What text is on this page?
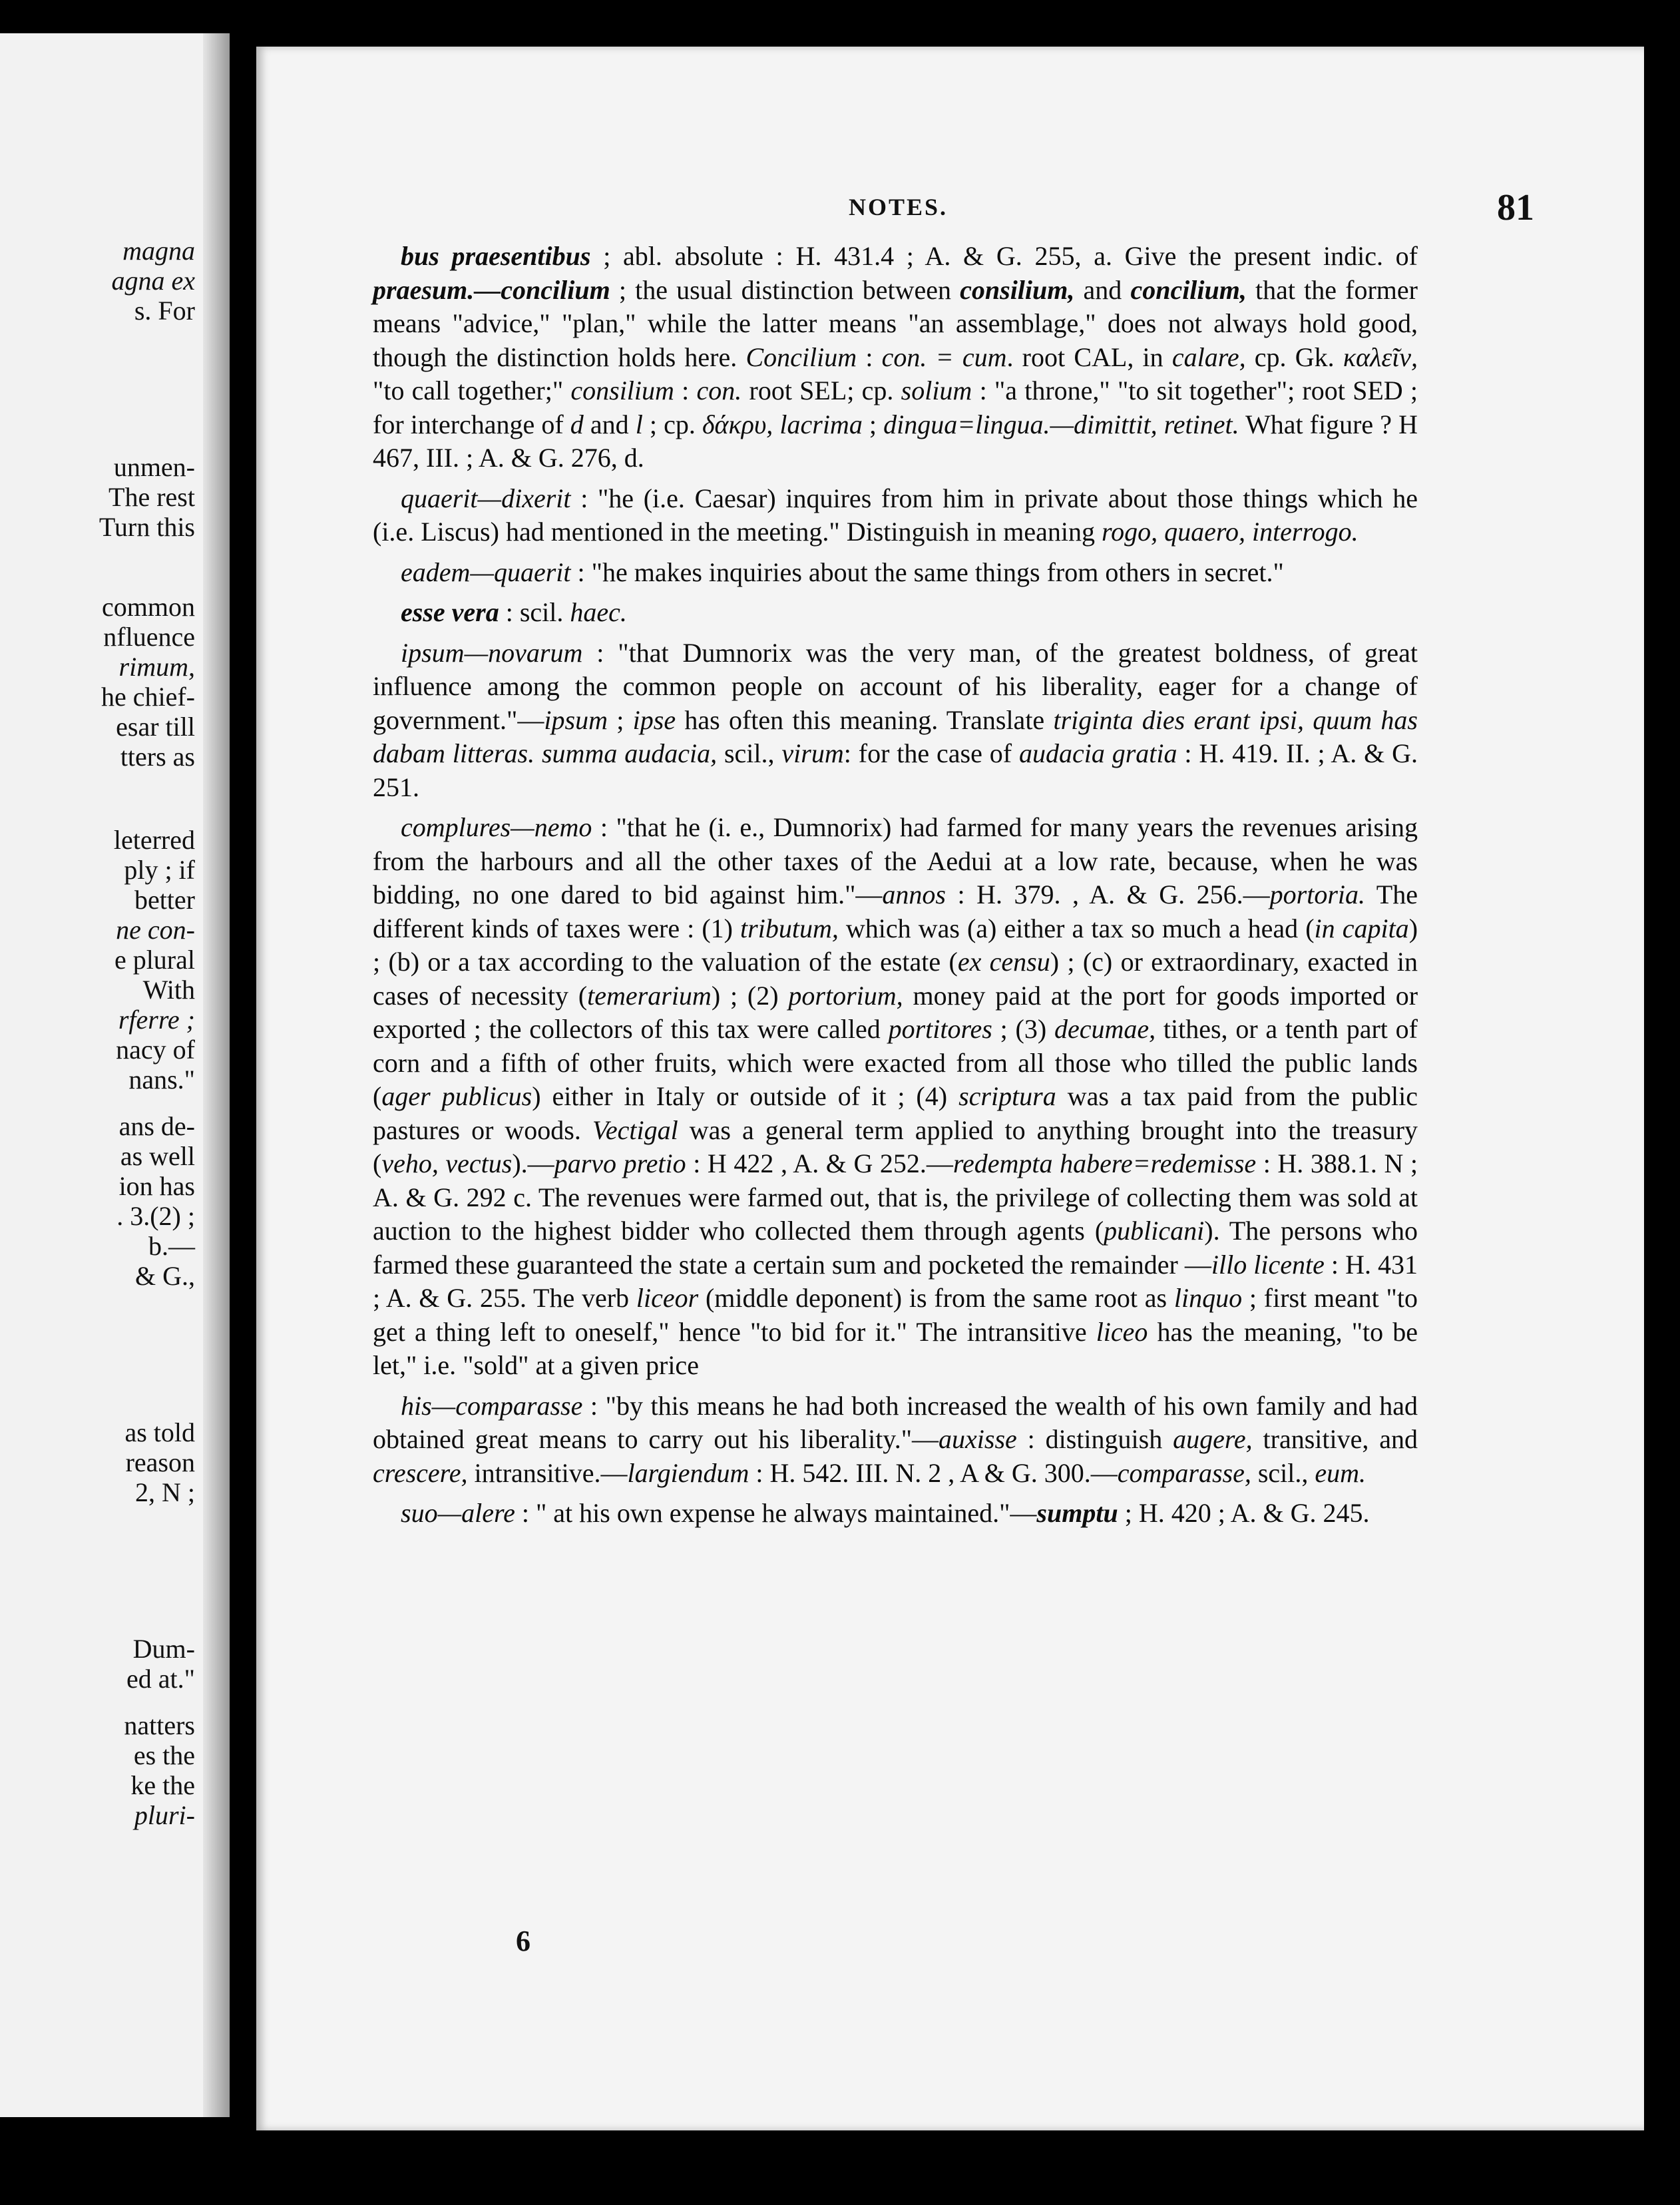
magna
agna ex
s. For
unmen‑
The rest
Turn this
common
nfluence
rimum,
he chief-
esar till
tters as
leterred
ply ; if
better
ne con-
e plural
With
rferre ;
nacy of
nans."
ans de-
as well
ion has
. 3.(2) ;
b.—
& G.,
as told
reason
2, N ;
Dum-
ed at."
natters
es the
ke the
pluri-
NOTES.	81

bus praesentibus ; abl. absolute : H. 431.4 ; A. & G. 255, a. Give the present indic. of praesum.—concilium ; the usual distinction between consilium, and concilium, that the former means "advice," "plan," while the latter means "an assemblage," does not always hold good, though the distinction holds here. Concilium : con. = cum. root CAL, in calare, cp. Gk. καλεῖν, "to call together;" consilium : con. root SEL; cp. solium : "a throne," "to sit together"; root SED ; for interchange of d and l ; cp. δάκρυ, lacrima ; dingua=lingua.—dimittit, retinet. What figure ? H 467, III. ; A. & G. 276, d.

quaerit—dixerit : "he (i.e. Caesar) inquires from him in private about those things which he (i.e. Liscus) had mentioned in the meeting." Distinguish in meaning rogo, quaero, interrogo.

eadem—quaerit : "he makes inquiries about the same things from others in secret."

esse vera : scil. haec.

ipsum—novarum : "that Dumnorix was the very man, of the greatest boldness, of great influence among the common people on account of his liberality, eager for a change of government."—ipsum ; ipse has often this meaning. Translate triginta dies erant ipsi, quum has dabam litteras. summa audacia, scil., virum: for the case of audacia gratia : H. 419. II. ; A. & G. 251.

complures—nemo : "that he (i. e., Dumnorix) had farmed for many years the revenues arising from the harbours and all the other taxes of the Aedui at a low rate, because, when he was bidding, no one dared to bid against him."—annos : H. 379. , A. & G. 256.—portoria. The different kinds of taxes were : (1) tributum, which was (a) either a tax so much a head (in capita) ; (b) or a tax according to the valuation of the estate (ex censu) ; (c) or extraordinary, exacted in cases of necessity (temerarium) ; (2) portorium, money paid at the port for goods imported or exported ; the collectors of this tax were called portitores ; (3) decumae, tithes, or a tenth part of corn and a fifth of other fruits, which were exacted from all those who tilled the public lands (ager publicus) either in Italy or outside of it ; (4) scriptura was a tax paid from the public pastures or woods. Vectigal was a general term applied to anything brought into the treasury (veho, vectus).—parvo pretio : H 422 , A. & G 252.—redempta habere=redemisse : H. 388.1. N ; A. & G. 292 c. The revenues were farmed out, that is, the privilege of collecting them was sold at auction to the highest bidder who collected them through agents (publicani). The persons who farmed these guaranteed the state a certain sum and pocketed the remainder —illo licente : H. 431 ; A. & G. 255. The verb liceor (middle deponent) is from the same root as linquo ; first meant "to get a thing left to oneself," hence "to bid for it." The intransitive liceo has the meaning, "to be let," i.e. "sold" at a given price

his—comparasse : "by this means he had both increased the wealth of his own family and had obtained great means to carry out his liberality."—auxisse : distinguish augere, transitive, and crescere, intransitive.—largiendum : H. 542. III. N. 2 , A & G. 300.—comparasse, scil., eum.

suo—alere : " at his own expense he always maintained."—sumptu ; H. 420 ; A. & G. 245.

6
